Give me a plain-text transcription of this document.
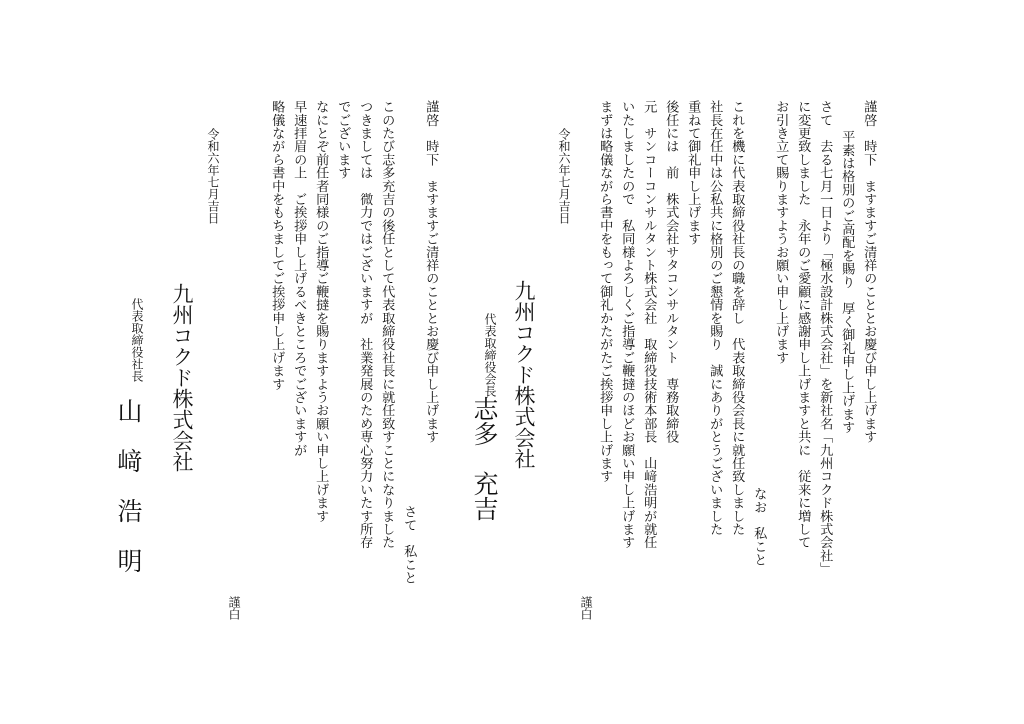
謹啓　時下　ますますご清祥のこととお慶び申し上げます
平素は格別のご高配を賜り　厚く御礼申し上げます
さて　去る七月一日より「極水設計株式会社」を新社名「九州コクド株式会社」
に変更致しました　永年のご愛顧に感謝申し上げますと共に　従来に増して
お引き立て賜りますようお願い申し上げます
なお　私こと
これを機に代表取締役社長の職を辞し　代表取締役会長に就任致しました
社長在任中は公私共に格別のご懇情を賜り　誠にありがとうございました
重ねて御礼申し上げます
後任には　前　株式会社サタコンサルタント　専務取締役
元　サンコーコンサルタント株式会社　取締役技術本部長　山﨑浩明が就任
いたしましたので　私同様よろしくご指導ご鞭撻のほどお願い申し上げます
まずは略儀ながら書中をもって御礼かたがたご挨拶申し上げます
令和六年七月吉日
九州コクド株式会社
代表取締役会長
志多　充吉
謹白
謹啓　時下　ますますご清祥のこととお慶び申し上げます
さて　私こと
このたび志多充吉の後任として代表取締役社長に就任致すことになりました
つきましては　微力ではございますが　社業発展のため専心努力いたす所存
でございます
なにとぞ前任者同様のご指導ご鞭撻を賜りますようお願い申し上げます
早速拝眉の上　ご挨拶申し上げるべきところでございますが
略儀ながら書中をもちましてご挨拶申し上げます
令和六年七月吉日
九州コクド株式会社
代表取締役社長
山　﨑　浩　明
謹白
